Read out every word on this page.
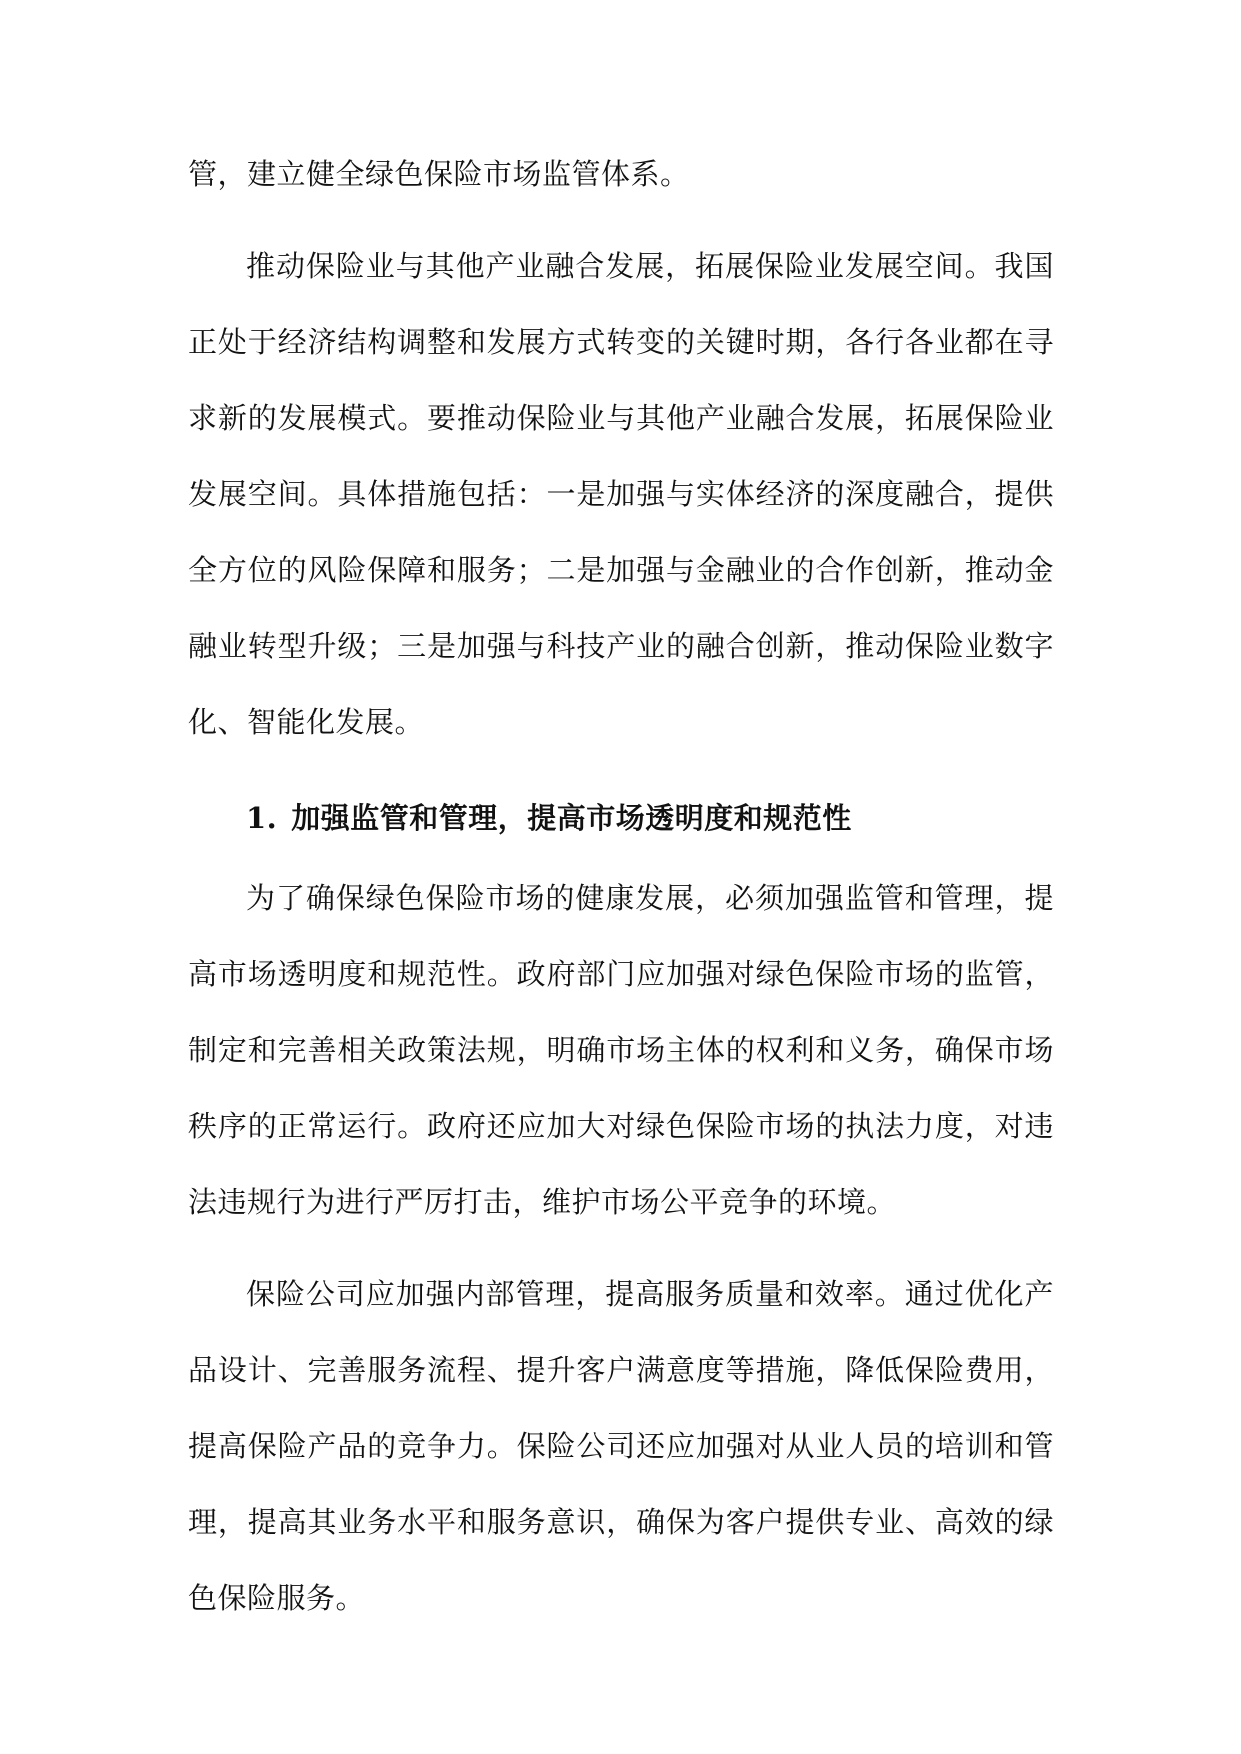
管，建立健全绿色保险市场监管体系。

推动保险业与其他产业融合发展，拓展保险业发展空间。我国正处于经济结构调整和发展方式转变的关键时期，各行各业都在寻求新的发展模式。要推动保险业与其他产业融合发展，拓展保险业发展空间。具体措施包括：一是加强与实体经济的深度融合，提供全方位的风险保障和服务；二是加强与金融业的合作创新，推动金融业转型升级；三是加强与科技产业的融合创新，推动保险业数字化、智能化发展。

1. 加强监管和管理，提高市场透明度和规范性

为了确保绿色保险市场的健康发展，必须加强监管和管理，提高市场透明度和规范性。政府部门应加强对绿色保险市场的监管，制定和完善相关政策法规，明确市场主体的权利和义务，确保市场秩序的正常运行。政府还应加大对绿色保险市场的执法力度，对违法违规行为进行严厉打击，维护市场公平竞争的环境。

保险公司应加强内部管理，提高服务质量和效率。通过优化产品设计、完善服务流程、提升客户满意度等措施，降低保险费用，提高保险产品的竞争力。保险公司还应加强对从业人员的培训和管理，提高其业务水平和服务意识，确保为客户提供专业、高效的绿色保险服务。
